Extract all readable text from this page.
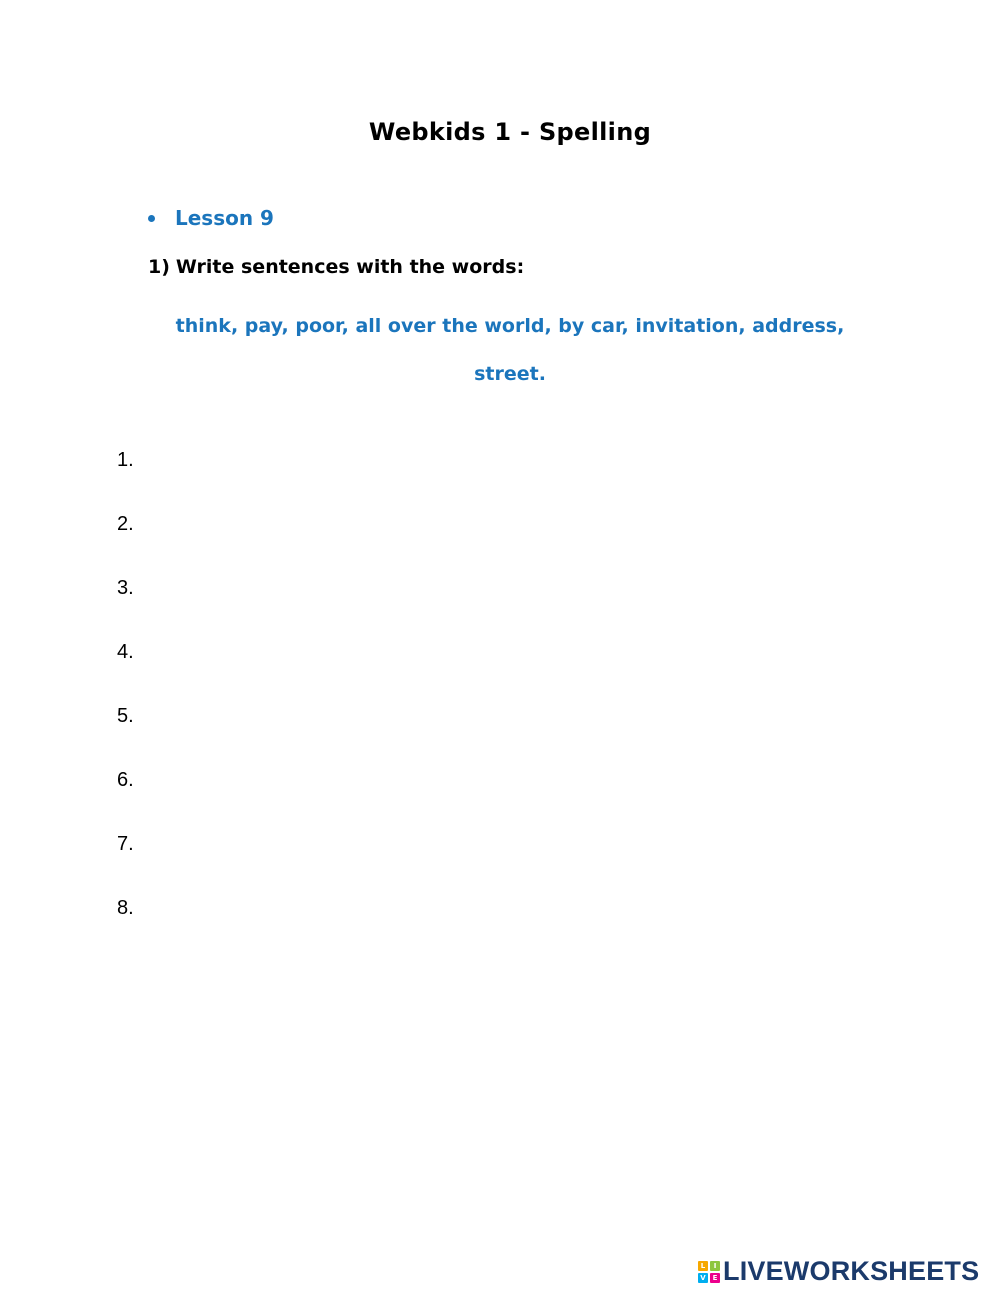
Webkids 1 - Spelling
Lesson 9
1) Write sentences with the words:
think, pay, poor, all over the world, by car, invitation, address, street.
1.
2.
3.
4.
5.
6.
7.
8.
L	I
V E LIVEWORKSHEETS
